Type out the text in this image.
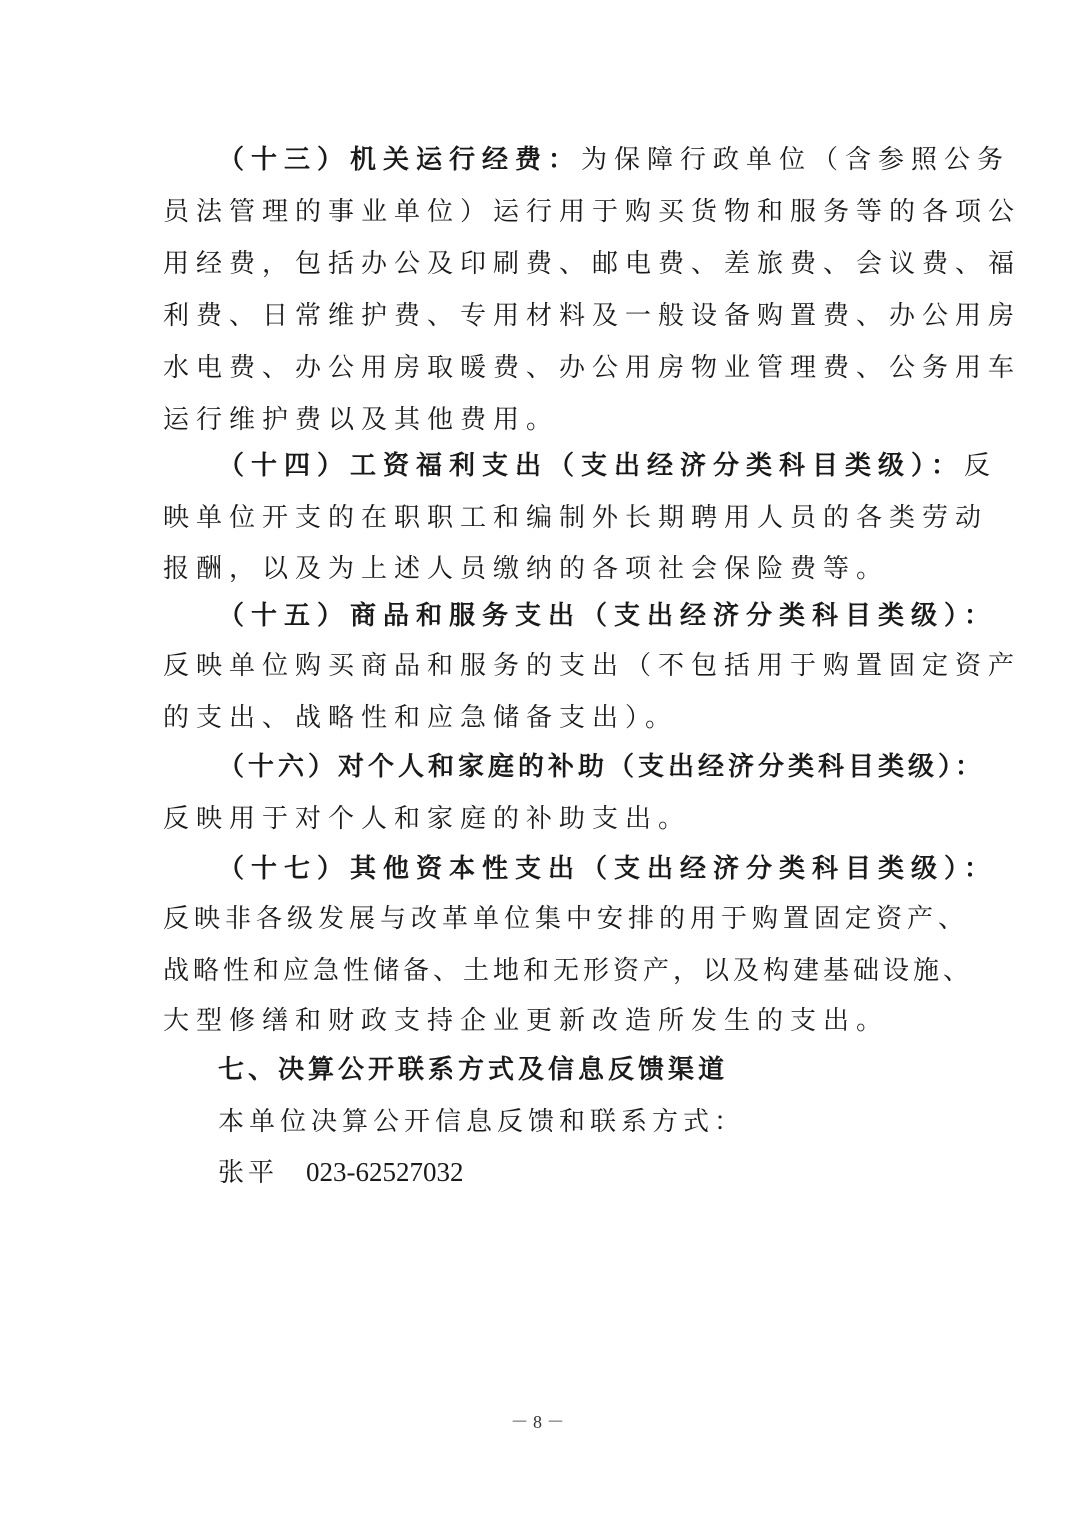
（十三）机关运行经费：为保障行政单位（含参照公务
员法管理的事业单位）运行用于购买货物和服务等的各项公
用经费，包括办公及印刷费、邮电费、差旅费、会议费、福
利费、日常维护费、专用材料及一般设备购置费、办公用房
水电费、办公用房取暖费、办公用房物业管理费、公务用车
运行维护费以及其他费用。
（十四）工资福利支出（支出经济分类科目类级）：反
映单位开支的在职职工和编制外长期聘用人员的各类劳动
报酬，以及为上述人员缴纳的各项社会保险费等。
（十五）商品和服务支出（支出经济分类科目类级）：
反映单位购买商品和服务的支出（不包括用于购置固定资产
的支出、战略性和应急储备支出）。
（十六）对个人和家庭的补助（支出经济分类科目类级）：
反映用于对个人和家庭的补助支出。
（十七）其他资本性支出（支出经济分类科目类级）：
反映非各级发展与改革单位集中安排的用于购置固定资产、
战略性和应急性储备、土地和无形资产，以及构建基础设施、
大型修缮和财政支持企业更新改造所发生的支出。
七、决算公开联系方式及信息反馈渠道
本单位决算公开信息反馈和联系方式：
张平 023-62527032
－ 8 －
